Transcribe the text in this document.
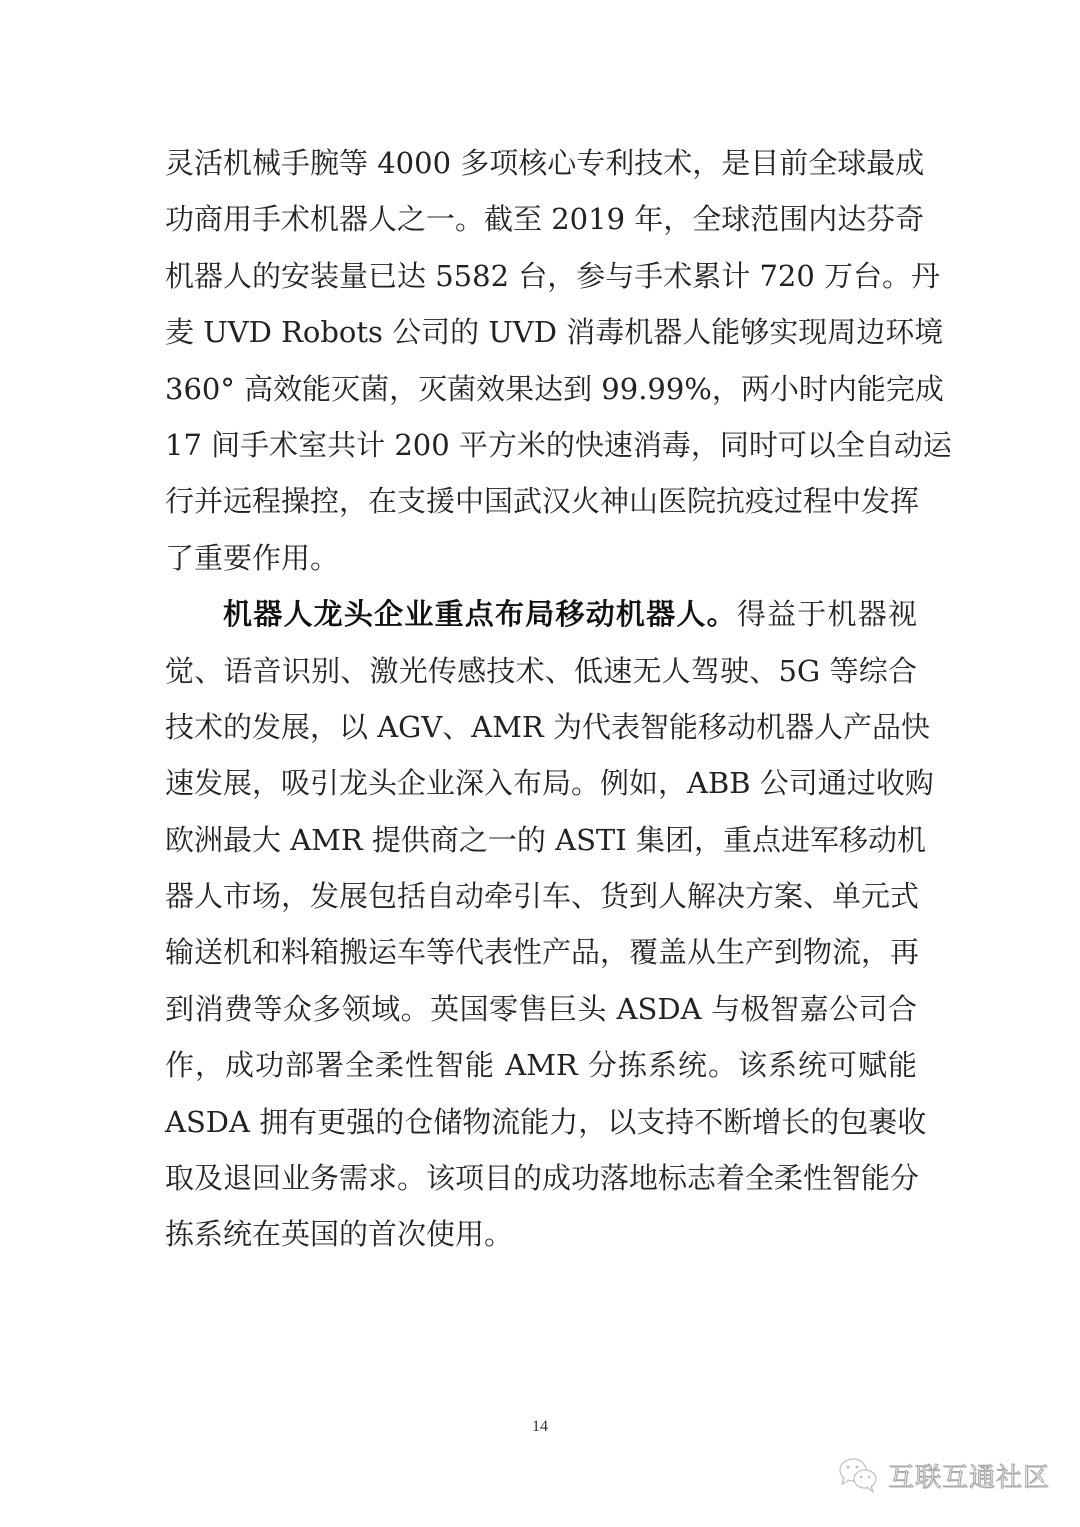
灵活机械手腕等 4000 多项核心专利技术，是目前全球最成
功商用手术机器人之一。截至 2019 年，全球范围内达芬奇
机器人的安装量已达 5582 台，参与手术累计 720 万台。丹
麦 UVD Robots 公司的 UVD 消毒机器人能够实现周边环境
360° 高效能灭菌，灭菌效果达到 99.99%，两小时内能完成
17 间手术室共计 200 平方米的快速消毒，同时可以全自动运
行并远程操控，在支援中国武汉火神山医院抗疫过程中发挥
了重要作用。
机器人龙头企业重点布局移动机器人。得益于机器视
觉、语音识别、激光传感技术、低速无人驾驶、5G 等综合
技术的发展，以 AGV、AMR 为代表智能移动机器人产品快
速发展，吸引龙头企业深入布局。例如，ABB 公司通过收购
欧洲最大 AMR 提供商之一的 ASTI 集团，重点进军移动机
器人市场，发展包括自动牵引车、货到人解决方案、单元式
输送机和料箱搬运车等代表性产品，覆盖从生产到物流，再
到消费等众多领域。英国零售巨头 ASDA 与极智嘉公司合
作，成功部署全柔性智能 AMR 分拣系统。该系统可赋能
ASDA 拥有更强的仓储物流能力，以支持不断增长的包裹收
取及退回业务需求。该项目的成功落地标志着全柔性智能分
拣系统在英国的首次使用。
14
互联互通社区
